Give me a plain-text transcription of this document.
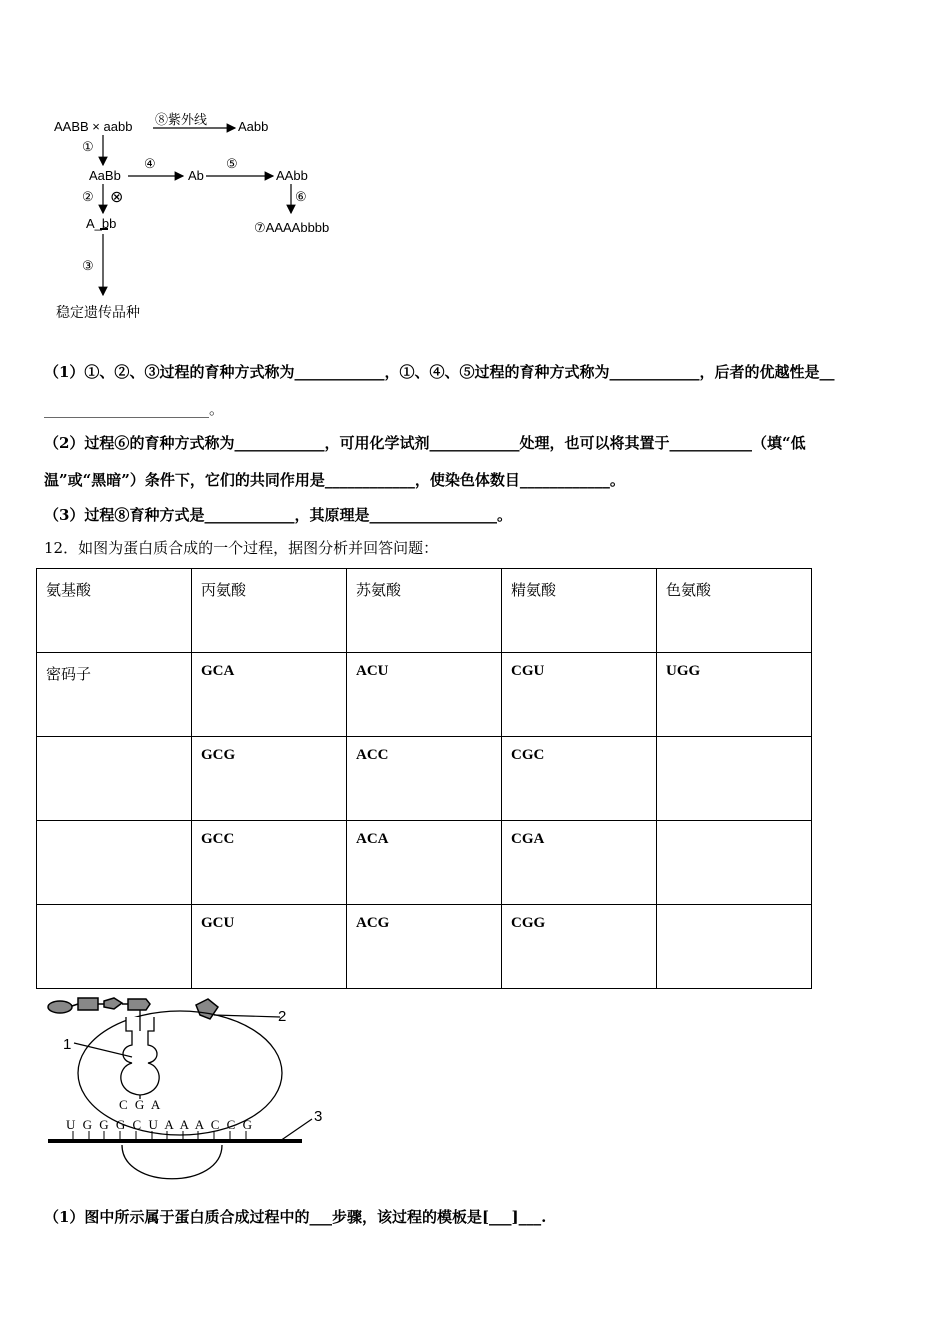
AABB × aabb ⑧紫外线 Aabb
①
AaBb
④
Ab
⑤
AAbb
② ⊗	⑥
A_bb	⑦AAAAbbbb
③
稳定遗传品种
（1）①、②、③过程的育种方式称为____________，①、④、⑤过程的育种方式称为____________，后者的优越性是__
______________________。
（2）过程⑥的育种方式称为____________，可用化学试剂____________处理，也可以将其置于___________（填“低
温”或“黑暗”）条件下，它们的共同作用是____________，使染色体数目____________。
（3）过程⑧育种方式是____________，其原理是_________________。
12．如图为蛋白质合成的一个过程，据图分析并回答问题：
氨基酸	丙氨酸	苏氨酸	精氨酸	色氨酸
密码子	GCA	ACU	CGU	UGG
	GCG	ACC	CGC	
	GCC	ACA	CGA	
	GCU	ACG	CGG	
2
1
3
C G A
U G G G C U A A A C C G
（1）图中所示属于蛋白质合成过程中的___步骤，该过程的模板是[___]___.
